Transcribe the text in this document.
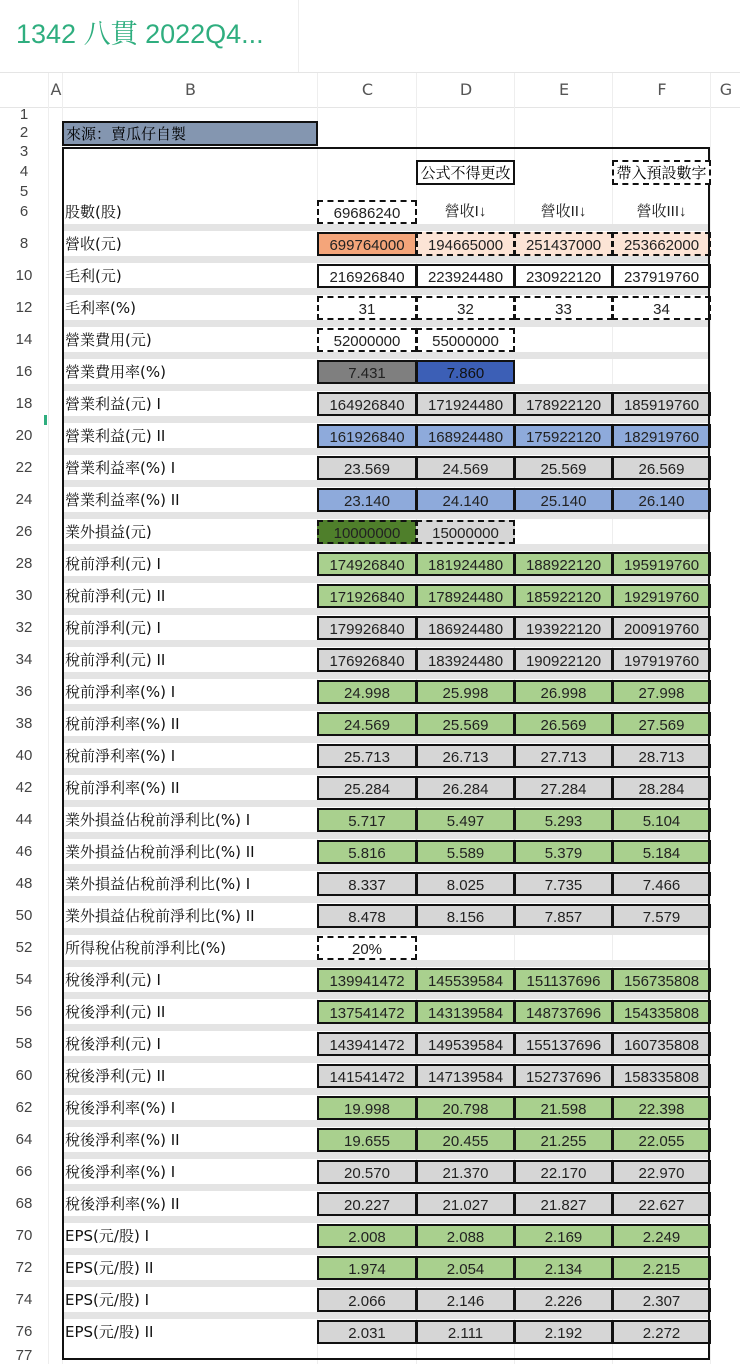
1342 八貫 2022Q4...
A	B	C	D	E	F	G
1
2
3
4
5
77
6	股數(股)	69686240	營收I↓	營收II↓	營收III↓
8	營收(元)	699764000	194665000	251437000	253662000
10	毛利(元)	216926840	223924480	230922120	237919760
12	毛利率(%)	31	32	33	34
14	營業費用(元)	52000000	55000000
16	營業費用率(%)	7.431	7.860
18	營業利益(元) I	164926840	171924480	178922120	185919760
20	營業利益(元) II	161926840	168924480	175922120	182919760
22	營業利益率(%) I	23.569	24.569	25.569	26.569
24	營業利益率(%) II	23.140	24.140	25.140	26.140
26	業外損益(元)	10000000	15000000
28	稅前淨利(元) I	174926840	181924480	188922120	195919760
30	稅前淨利(元) II	171926840	178924480	185922120	192919760
32	稅前淨利(元) I	179926840	186924480	193922120	200919760
34	稅前淨利(元) II	176926840	183924480	190922120	197919760
36	稅前淨利率(%) I	24.998	25.998	26.998	27.998
38	稅前淨利率(%) II	24.569	25.569	26.569	27.569
40	稅前淨利率(%) I	25.713	26.713	27.713	28.713
42	稅前淨利率(%) II	25.284	26.284	27.284	28.284
44	業外損益佔稅前淨利比(%) I	5.717	5.497	5.293	5.104
46	業外損益佔稅前淨利比(%) II	5.816	5.589	5.379	5.184
48	業外損益佔稅前淨利比(%) I	8.337	8.025	7.735	7.466
50	業外損益佔稅前淨利比(%) II	8.478	8.156	7.857	7.579
52	所得稅佔稅前淨利比(%)	20%
54	稅後淨利(元) I	139941472	145539584	151137696	156735808
56	稅後淨利(元) II	137541472	143139584	148737696	154335808
58	稅後淨利(元) I	143941472	149539584	155137696	160735808
60	稅後淨利(元) II	141541472	147139584	152737696	158335808
62	稅後淨利率(%) I	19.998	20.798	21.598	22.398
64	稅後淨利率(%) II	19.655	20.455	21.255	22.055
66	稅後淨利率(%) I	20.570	21.370	22.170	22.970
68	稅後淨利率(%) II	20.227	21.027	21.827	22.627
70	EPS(元/股) I	2.008	2.088	2.169	2.249
72	EPS(元/股) II	1.974	2.054	2.134	2.215
74	EPS(元/股) I	2.066	2.146	2.226	2.307
76	EPS(元/股) II	2.031	2.111	2.192	2.272
來源：賣瓜仔自製
公式不得更改	帶入預設數字
